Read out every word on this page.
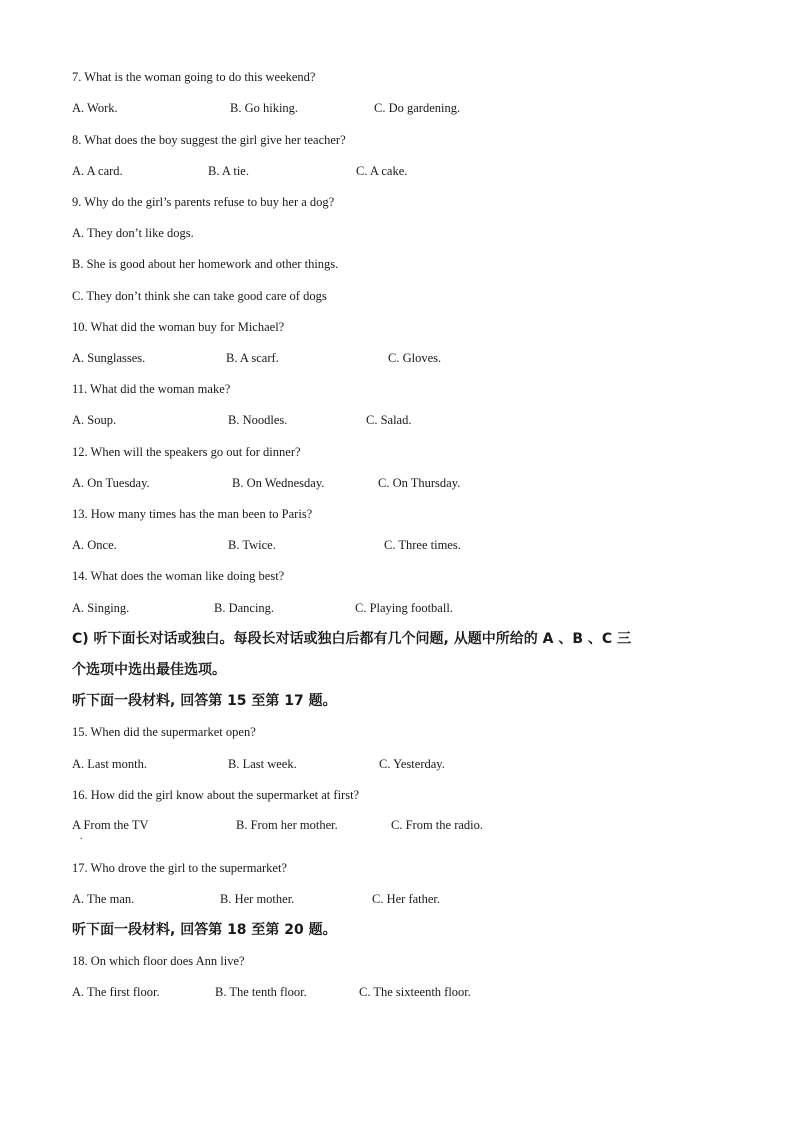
7. What is the woman going to do this weekend?
A. Work.	B. Go hiking.	C. Do gardening.
8. What does the boy suggest the girl give her teacher?
A. A card.	B. A tie.	C. A cake.
9. Why do the girl’s parents refuse to buy her a dog?
A. They don’t like dogs.
B. She is good about her homework and other things.
C. They don’t think she can take good care of dogs
10. What did the woman buy for Michael?
A. Sunglasses.	B. A scarf.	C. Gloves.
11. What did the woman make?
A. Soup.	B. Noodles.	C. Salad.
12. When will the speakers go out for dinner?
A. On Tuesday.	B. On Wednesday.	C. On Thursday.
13. How many times has the man been to Paris?
A. Once.	B. Twice.	C. Three times.
14. What does the woman like doing best?
A. Singing.	B. Dancing.	C. Playing football.
C) 听下面长对话或独白。每段长对话或独白后都有几个问题, 从题中所给的 A 、B 、C 三
个选项中选出最佳选项。
听下面一段材料, 回答第 15 至第 17 题。
15. When did the supermarket open?
A. Last month.	B. Last week.	C. Yesterday.
16. How did the girl know about the supermarket at first?
A From the TV	B. From her mother.	C. From the radio.
.
17. Who drove the girl to the supermarket?
A. The man.	B. Her mother.	C. Her father.
听下面一段材料, 回答第 18 至第 20 题。
18. On which floor does Ann live?
A. The first floor.	B. The tenth floor.	C. The sixteenth floor.
